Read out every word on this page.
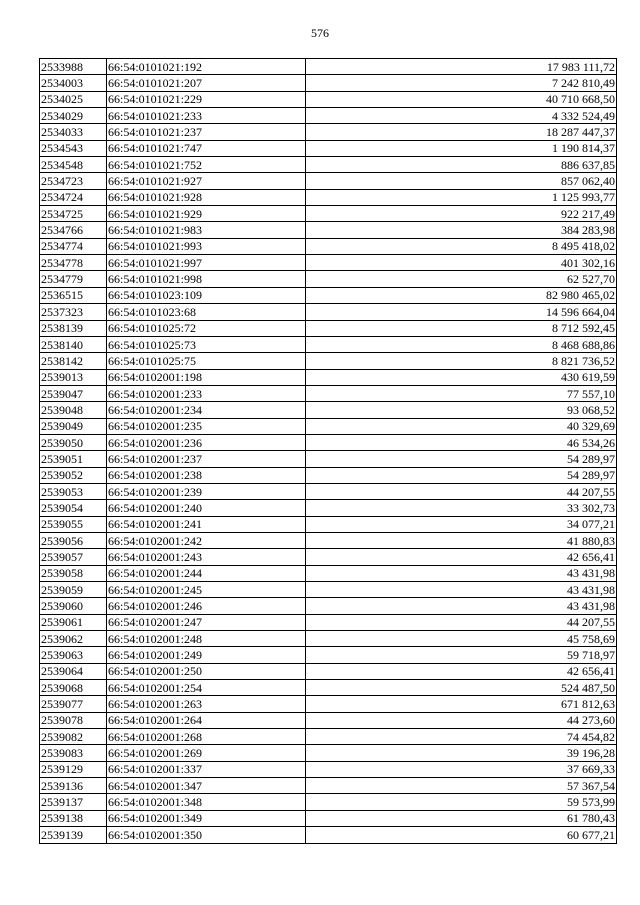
576
2533988	66:54:0101021:192	17 983 111,72
2534003	66:54:0101021:207	7 242 810,49
2534025	66:54:0101021:229	40 710 668,50
2534029	66:54:0101021:233	4 332 524,49
2534033	66:54:0101021:237	18 287 447,37
2534543	66:54:0101021:747	1 190 814,37
2534548	66:54:0101021:752	886 637,85
2534723	66:54:0101021:927	857 062,40
2534724	66:54:0101021:928	1 125 993,77
2534725	66:54:0101021:929	922 217,49
2534766	66:54:0101021:983	384 283,98
2534774	66:54:0101021:993	8 495 418,02
2534778	66:54:0101021:997	401 302,16
2534779	66:54:0101021:998	62 527,70
2536515	66:54:0101023:109	82 980 465,02
2537323	66:54:0101023:68	14 596 664,04
2538139	66:54:0101025:72	8 712 592,45
2538140	66:54:0101025:73	8 468 688,86
2538142	66:54:0101025:75	8 821 736,52
2539013	66:54:0102001:198	430 619,59
2539047	66:54:0102001:233	77 557,10
2539048	66:54:0102001:234	93 068,52
2539049	66:54:0102001:235	40 329,69
2539050	66:54:0102001:236	46 534,26
2539051	66:54:0102001:237	54 289,97
2539052	66:54:0102001:238	54 289,97
2539053	66:54:0102001:239	44 207,55
2539054	66:54:0102001:240	33 302,73
2539055	66:54:0102001:241	34 077,21
2539056	66:54:0102001:242	41 880,83
2539057	66:54:0102001:243	42 656,41
2539058	66:54:0102001:244	43 431,98
2539059	66:54:0102001:245	43 431,98
2539060	66:54:0102001:246	43 431,98
2539061	66:54:0102001:247	44 207,55
2539062	66:54:0102001:248	45 758,69
2539063	66:54:0102001:249	59 718,97
2539064	66:54:0102001:250	42 656,41
2539068	66:54:0102001:254	524 487,50
2539077	66:54:0102001:263	671 812,63
2539078	66:54:0102001:264	44 273,60
2539082	66:54:0102001:268	74 454,82
2539083	66:54:0102001:269	39 196,28
2539129	66:54:0102001:337	37 669,33
2539136	66:54:0102001:347	57 367,54
2539137	66:54:0102001:348	59 573,99
2539138	66:54:0102001:349	61 780,43
2539139	66:54:0102001:350	60 677,21
